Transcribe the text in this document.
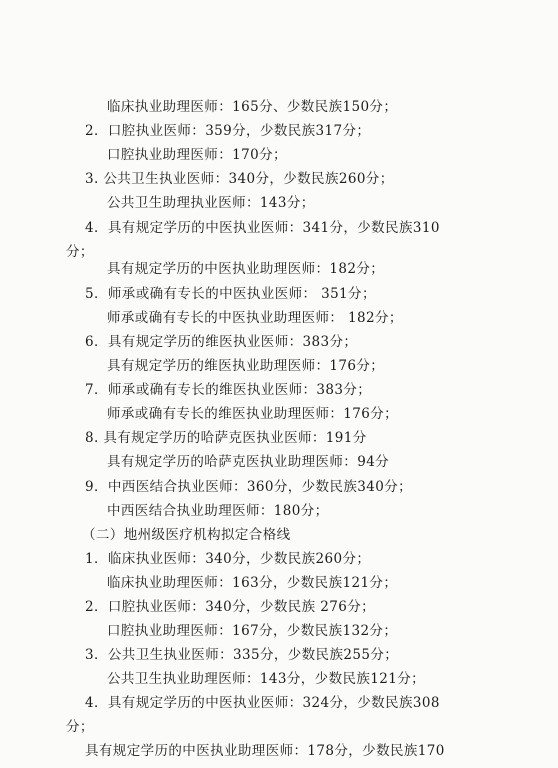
临床执业助理医师：165分、少数民族150分；
2．口腔执业医师：359分，少数民族317分；
口腔执业助理医师：170分；
3. 公共卫生执业医师：340分，少数民族260分；
公共卫生助理执业医师：143分；
4．具有规定学历的中医执业医师：341分，少数民族310
分；
具有规定学历的中医执业助理医师：182分；
5．师承或确有专长的中医执业医师： 351分；
师承或确有专长的中医执业助理医师： 182分；
6．具有规定学历的维医执业医师：383分；
具有规定学历的维医执业助理医师：176分；
7．师承或确有专长的维医执业医师：383分；
师承或确有专长的维医执业助理医师：176分；
8. 具有规定学历的哈萨克医执业医师：191分
具有规定学历的哈萨克医执业助理医师：94分
9．中西医结合执业医师：360分，少数民族340分；
中西医结合执业助理医师：180分；
（二）地州级医疗机构拟定合格线
1．临床执业医师：340分，少数民族260分；
临床执业助理医师：163分，少数民族121分；
2．口腔执业医师：340分，少数民族 276分；
口腔执业助理医师：167分，少数民族132分；
3．公共卫生执业医师：335分，少数民族255分；
公共卫生执业助理医师：143分，少数民族121分；
4．具有规定学历的中医执业医师：324分，少数民族308
分；
具有规定学历的中医执业助理医师：178分，少数民族170
